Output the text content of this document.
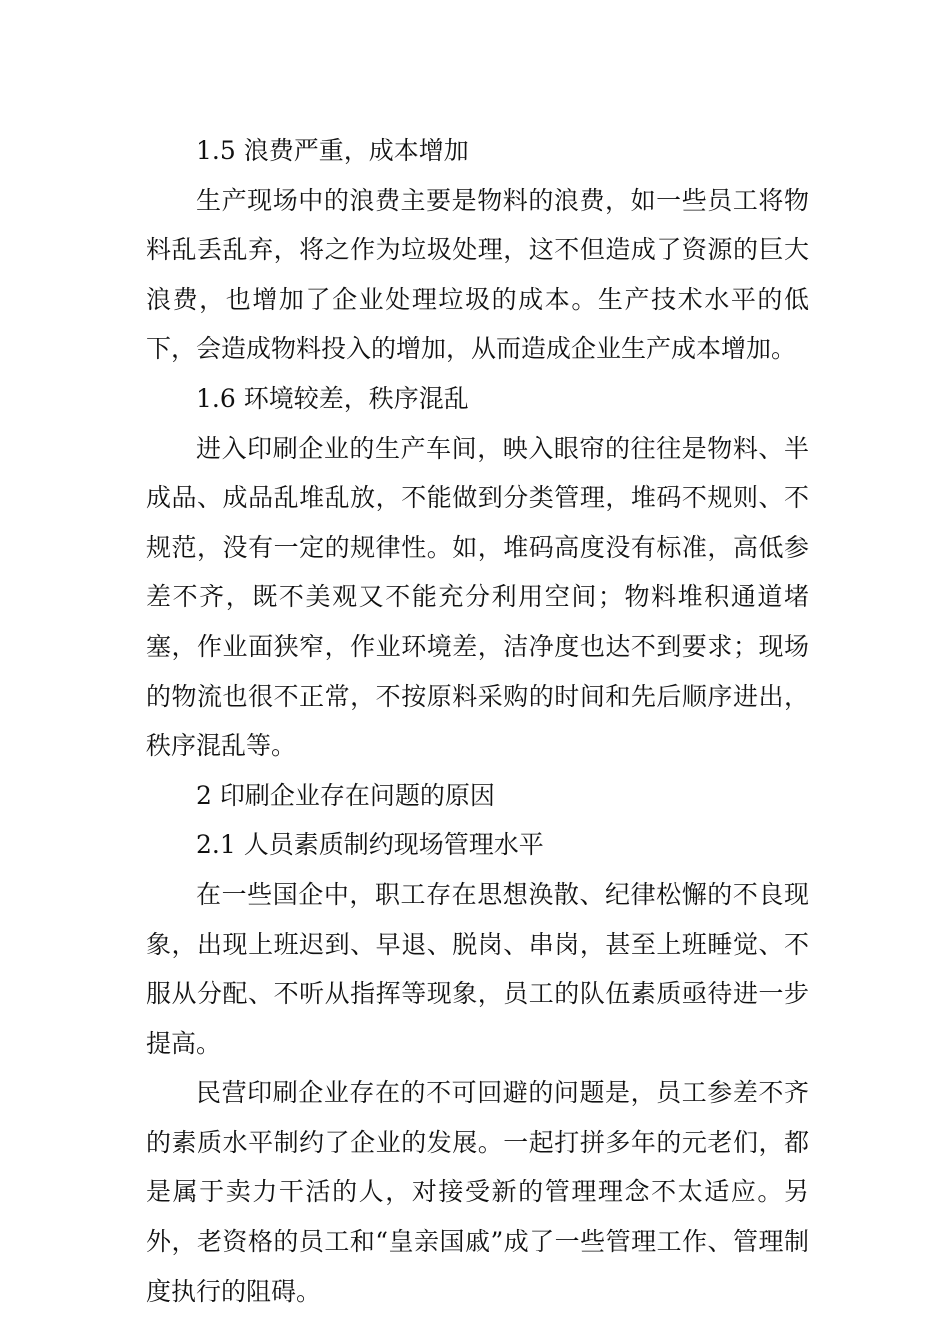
1.5 浪费严重，成本增加

生产现场中的浪费主要是物料的浪费，如一些员工将物料乱丢乱弃，将之作为垃圾处理，这不但造成了资源的巨大浪费，也增加了企业处理垃圾的成本。生产技术水平的低下，会造成物料投入的增加，从而造成企业生产成本增加。

1.6 环境较差，秩序混乱

进入印刷企业的生产车间，映入眼帘的往往是物料、半成品、成品乱堆乱放，不能做到分类管理，堆码不规则、不规范，没有一定的规律性。如，堆码高度没有标准，高低参差不齐，既不美观又不能充分利用空间；物料堆积通道堵塞，作业面狭窄，作业环境差，洁净度也达不到要求；现场的物流也很不正常，不按原料采购的时间和先后顺序进出，秩序混乱等。

2 印刷企业存在问题的原因

2.1 人员素质制约现场管理水平

在一些国企中，职工存在思想涣散、纪律松懈的不良现象，出现上班迟到、早退、脱岗、串岗，甚至上班睡觉、不服从分配、不听从指挥等现象，员工的队伍素质亟待进一步提高。

民营印刷企业存在的不可回避的问题是，员工参差不齐的素质水平制约了企业的发展。一起打拼多年的元老们，都是属于卖力干活的人，对接受新的管理理念不太适应。另外，老资格的员工和“皇亲国戚”成了一些管理工作、管理制度执行的阻碍。
